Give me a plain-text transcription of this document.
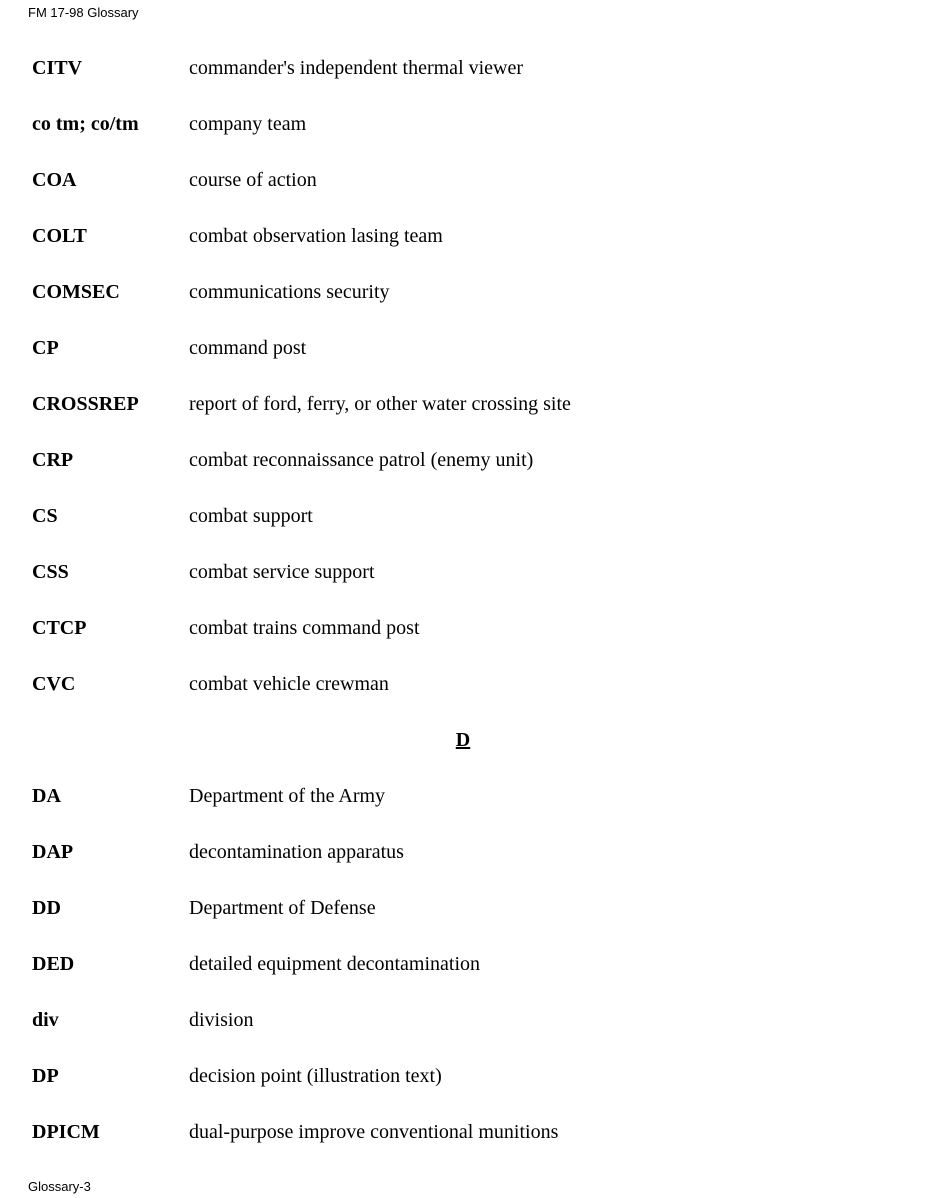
FM 17-98 Glossary
CITV	commander's independent thermal viewer
co tm; co/tm	company team
COA	course of action
COLT	combat observation lasing team
COMSEC	communications security
CP	command post
CROSSREP	report of ford, ferry, or other water crossing site
CRP	combat reconnaissance patrol (enemy unit)
CS	combat support
CSS	combat service support
CTCP	combat trains command post
CVC	combat vehicle crewman
D
DA	Department of the Army
DAP	decontamination apparatus
DD	Department of Defense
DED	detailed equipment decontamination
div	division
DP	decision point (illustration text)
DPICM	dual-purpose improve conventional munitions
Glossary-3
